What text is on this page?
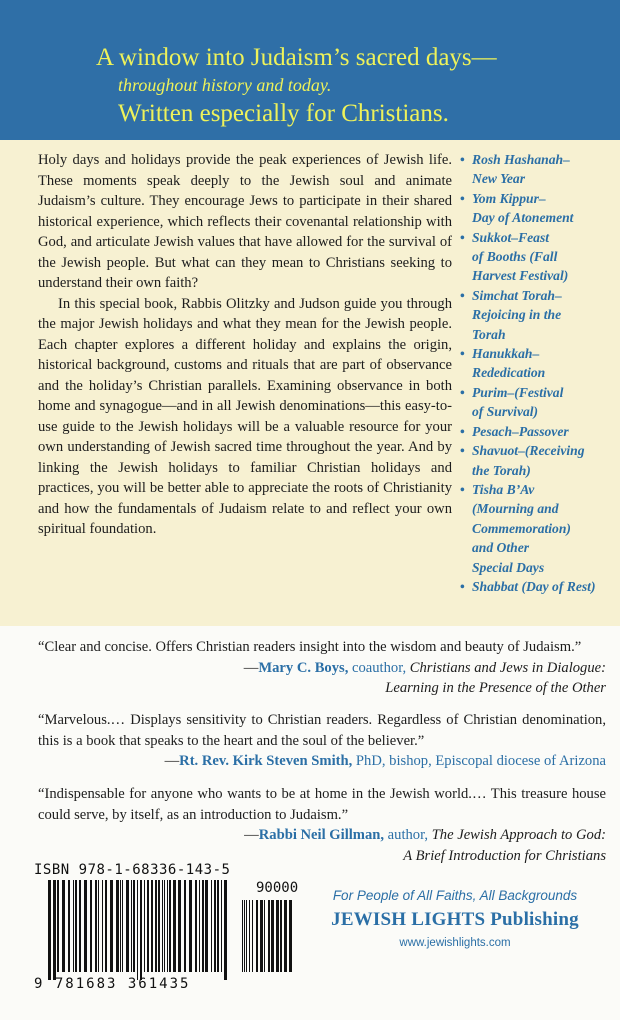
A window into Judaism’s sacred days—
throughout history and today.
Written especially for Christians.

Holy days and holidays provide the peak experiences of Jewish life. These moments speak deeply to the Jewish soul and animate Judaism’s culture. They encourage Jews to participate in their shared historical experience, which reflects their covenantal relationship with God, and articulate Jewish values that have allowed for the survival of the Jewish people. But what can they mean to Christians seeking to understand their own faith?

In this special book, Rabbis Olitzky and Judson guide you through the major Jewish holidays and what they mean for the Jewish people. Each chapter explores a different holiday and explains the origin, historical background, customs and rituals that are part of observance and the holiday’s Christian parallels. Examining observance in both home and synagogue—and in all Jewish denominations—this easy-to-use guide to the Jewish holidays will be a valuable resource for your own understanding of Jewish sacred time throughout the year. And by linking the Jewish holidays to familiar Christian holidays and practices, you will be better able to appreciate the roots of Christianity and how the fundamentals of Judaism relate to and reflect your own spiritual foundation.

• Rosh Hashanah–
New Year
• Yom Kippur–
Day of Atonement
• Sukkot–Feast
of Booths (Fall
Harvest Festival)
• Simchat Torah–
Rejoicing in the
Torah
• Hanukkah–
Rededication
• Purim–(Festival
of Survival)
• Pesach–Passover
• Shavuot–(Receiving
the Torah)
• Tisha B’Av
(Mourning and
Commemoration)
and Other
Special Days
• Shabbat (Day of Rest)
“Clear and concise. Offers Christian readers insight into the wisdom and beauty of Judaism.”
—Mary C. Boys, coauthor, Christians and Jews in Dialogue:
Learning in the Presence of the Other
“Marvelous.… Displays sensitivity to Christian readers. Regardless of Christian denomination, this is a book that speaks to the heart and the soul of the believer.”
—Rt. Rev. Kirk Steven Smith, PhD, bishop, Episcopal diocese of Arizona
“Indispensable for anyone who wants to be at home in the Jewish world.… This treasure house could serve, by itself, as an introduction to Judaism.”
—Rabbi Neil Gillman, author, The Jewish Approach to God:
A Brief Introduction for Christians
ISBN 978-1-68336-143-5
90000
9 781683 361435
For People of All Faiths, All Backgrounds
JEWISH LIGHTS Publishing
www.jewishlights.com
